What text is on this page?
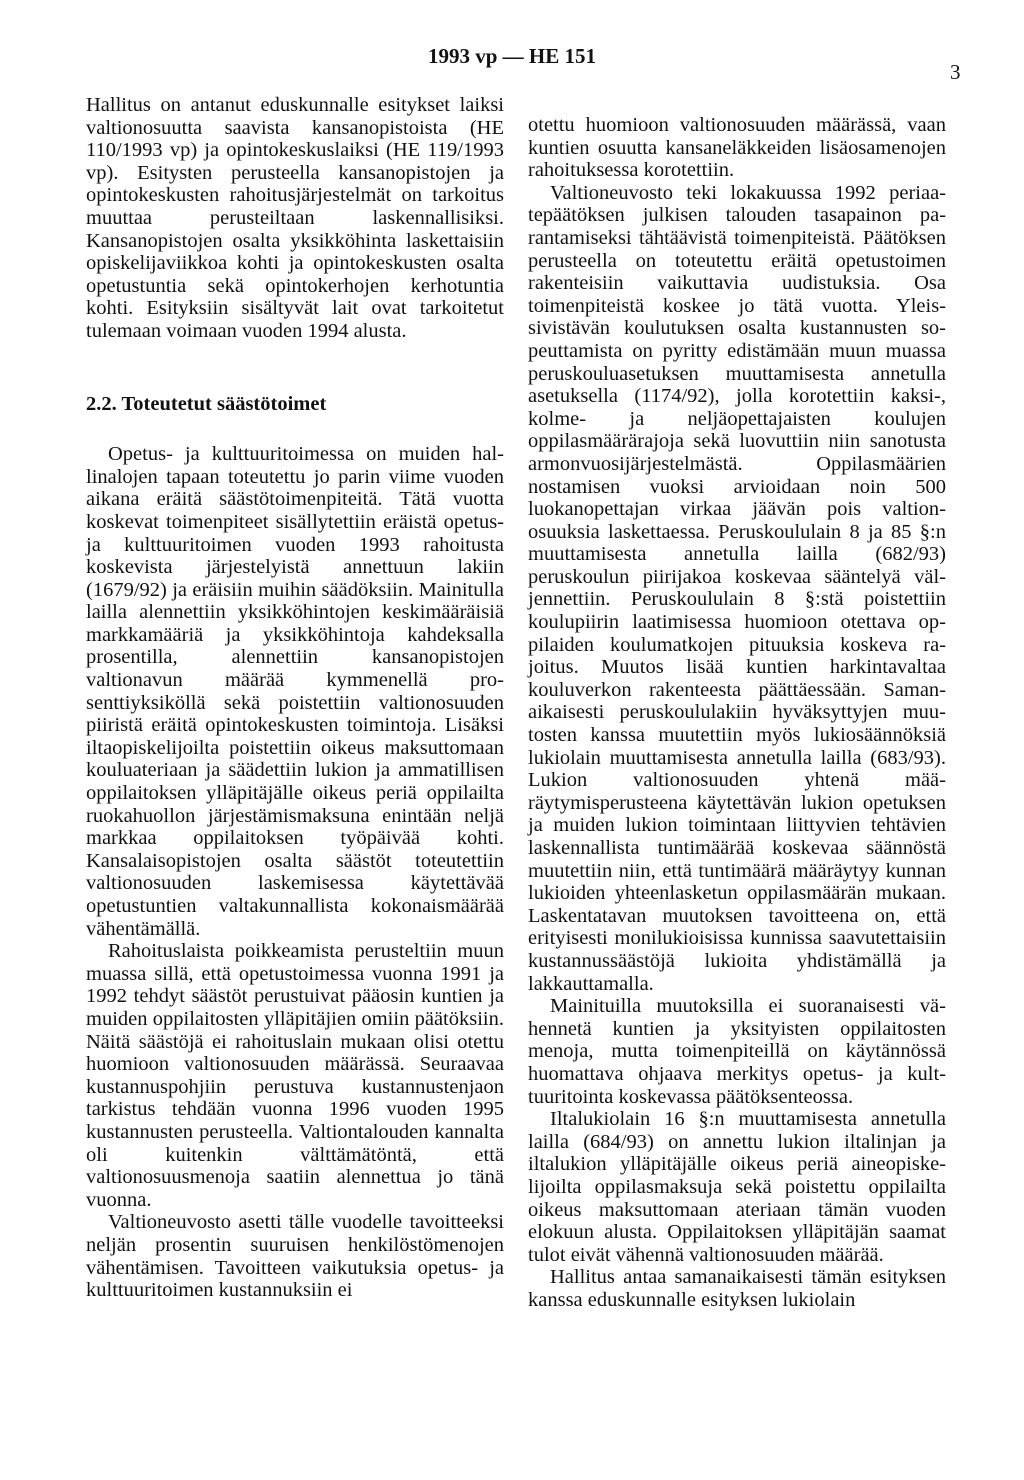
1993 vp — HE 151
3

Hallitus on antanut eduskunnalle esitykset laiksi valtionosuutta saavista kansanopistoista (HE 110/1993 vp) ja opintokeskuslaiksi (HE 119/1993 vp). Esitysten perusteella kansanopistojen ja opintokeskusten rahoitusjärjestelmät on tarkoitus muuttaa perusteiltaan laskennallisiksi. Kansanopistojen osalta yksikköhinta laskettaisiin opiskelijaviikkoa kohti ja opintokeskusten osalta opetustuntia sekä opintokerhojen kerhotuntia kohti. Esityksiin sisältyvät lait ovat tarkoitetut tulemaan voimaan vuoden 1994 alusta.

2.2. Toteutetut säästötoimet

Opetus- ja kulttuuritoimessa on muiden hallinalojen tapaan toteutettu jo parin viime vuoden aikana eräitä säästötoimenpiteitä. Tätä vuotta koskevat toimenpiteet sisällytettiin eräistä opetus- ja kulttuuritoimen vuoden 1993 rahoitusta koskevista järjestelyistä annettuun lakiin (1679/92) ja eräisiin muihin säädöksiin. Mainitulla lailla alennettiin yksikköhintojen keskimääräisiä markkamääriä ja yksikköhintoja kahdeksalla prosentilla, alennettiin kansanopistojen valtionavun määrää kymmenellä prosenttiyksiköllä sekä poistettiin valtionosuuden piiristä eräitä opintokeskusten toimintoja. Lisäksi iltaopiskelijoilta poistettiin oikeus maksuttomaan kouluateriaan ja säädettiin lukion ja ammatillisen oppilaitoksen ylläpitäjälle oikeus periä oppilailta ruokahuollon järjestämismaksuna enintään neljä markkaa oppilaitoksen työpäivää kohti. Kansalaisopistojen osalta säästöt toteutettiin valtionosuuden laskemisessa käytettävää opetustuntien valtakunnallista kokonaismäärää vähentämällä.

Rahoituslaista poikkeamista perusteltiin muun muassa sillä, että opetustoimessa vuonna 1991 ja 1992 tehdyt säästöt perustuivat pääosin kuntien ja muiden oppilaitosten ylläpitäjien omiin päätöksiin. Näitä säästöjä ei rahoituslain mukaan olisi otettu huomioon valtionosuuden määrässä. Seuraavaa kustannuspohjiin perustuva kustannustenjaon tarkistus tehdään vuonna 1996 vuoden 1995 kustannusten perusteella. Valtiontalouden kannalta oli kuitenkin välttämätöntä, että valtionosuusmenoja saatiin alennettua jo tänä vuonna.

Valtioneuvosto asetti tälle vuodelle tavoitteeksi neljän prosentin suuruisen henkilöstömenojen vähentämisen. Tavoitteen vaikutuksia opetus- ja kulttuuritoimen kustannuksiin ei

otettu huomioon valtionosuuden määrässä, vaan kuntien osuutta kansaneläkkeiden lisäosamenojen rahoituksessa korotettiin.

Valtioneuvosto teki lokakuussa 1992 periaatepäätöksen julkisen talouden tasapainon parantamiseksi tähtäävistä toimenpiteistä. Päätöksen perusteella on toteutettu eräitä opetustoimen rakenteisiin vaikuttavia uudistuksia. Osa toimenpiteistä koskee jo tätä vuotta. Yleissivistävän koulutuksen osalta kustannusten sopeuttamista on pyritty edistämään muun muassa peruskouluasetuksen muuttamisesta annetulla asetuksella (1174/92), jolla korotettiin kaksi-, kolme- ja neljäopettajaisten koulujen oppilasmäärärajoja sekä luovuttiin niin sanotusta armonvuosijärjestelmästä. Oppilasmäärien nostamisen vuoksi arvioidaan noin 500 luokanopettajan virkaa jäävän pois valtionosuuksia laskettaessa. Peruskoululain 8 ja 85 §:n muuttamisesta annetulla lailla (682/93) peruskoulun piirijakoa koskevaa sääntelyä väljennettiin. Peruskoululain 8 §:stä poistettiin koulupiirin laatimisessa huomioon otettava oppilaiden koulumatkojen pituuksia koskeva rajoitus. Muutos lisää kuntien harkintavaltaa kouluverkon rakenteesta päättäessään. Samanaikaisesti peruskoululakiin hyväksyttyjen muutosten kanssa muutettiin myös lukiosäännöksiä lukiolain muuttamisesta annetulla lailla (683/93). Lukion valtionosuuden yhtenä määräytymisperusteena käytettävän lukion opetuksen ja muiden lukion toimintaan liittyvien tehtävien laskennallista tuntimäärää koskevaa säännöstä muutettiin niin, että tuntimäärä määräytyy kunnan lukioiden yhteenlasketun oppilasmäärän mukaan. Laskentatavan muutoksen tavoitteena on, että erityisesti monilukioisissa kunnissa saavutettaisiin kustannussäästöjä lukioita yhdistämällä ja lakkauttamalla.

Mainituilla muutoksilla ei suoranaisesti vähennetä kuntien ja yksityisten oppilaitosten menoja, mutta toimenpiteillä on käytännössä huomattava ohjaava merkitys opetus- ja kulttuuritointa koskevassa päätöksenteossa.

Iltalukiolain 16 §:n muuttamisesta annetulla lailla (684/93) on annettu lukion iltalinjan ja iltalukion ylläpitäjälle oikeus periä aineopiskelijoilta oppilasmaksuja sekä poistettu oppilailta oikeus maksuttomaan ateriaan tämän vuoden elokuun alusta. Oppilaitoksen ylläpitäjän saamat tulot eivät vähennä valtionosuuden määrää.

Hallitus antaa samanaikaisesti tämän esityksen kanssa eduskunnalle esityksen lukiolain
